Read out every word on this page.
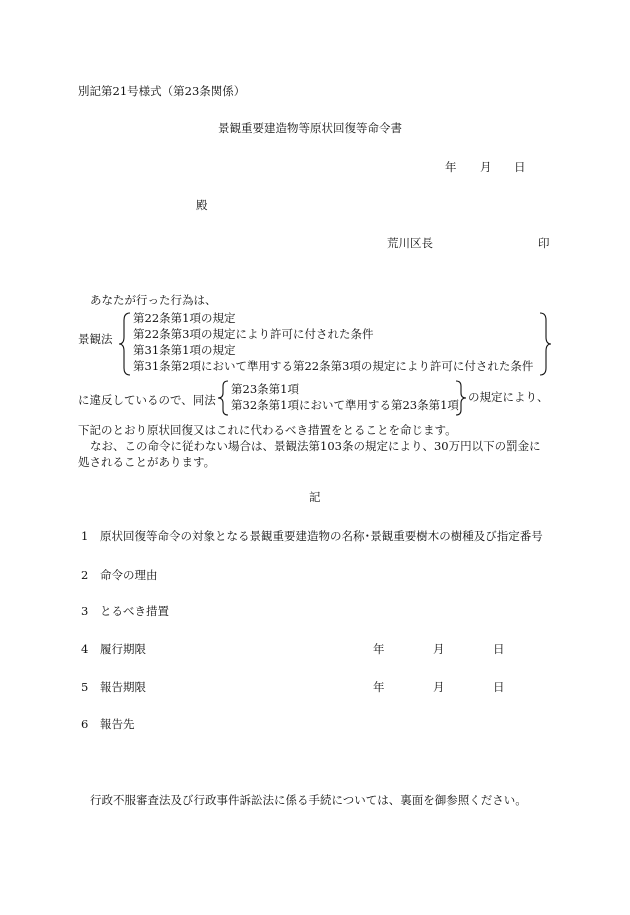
別記第21号様式（第23条関係）
景観重要建造物等原状回復等命令書
年 月 日
殿
荒川区長	印
あなたが行った行為は、
景観法
第22条第1項の規定
第22条第3項の規定により許可に付された条件
第31条第1項の規定
第31条第2項において準用する第22条第3項の規定により許可に付された条件
に違反しているので、同法
第23条第1項
第32条第1項において準用する第23条第1項
の規定により、
下記のとおり原状回復又はこれに代わるべき措置をとることを命じます。
なお、この命令に従わない場合は、景観法第103条の規定により、30万円以下の罰金に
処されることがあります。
記
1 原状回復等命令の対象となる景観重要建造物の名称･景観重要樹木の樹種及び指定番号
2 命令の理由
3 とるべき措置
4 履行期限	年	月	日
5 報告期限	年	月	日
6 報告先
行政不服審査法及び行政事件訴訟法に係る手続については、裏面を御参照ください。
